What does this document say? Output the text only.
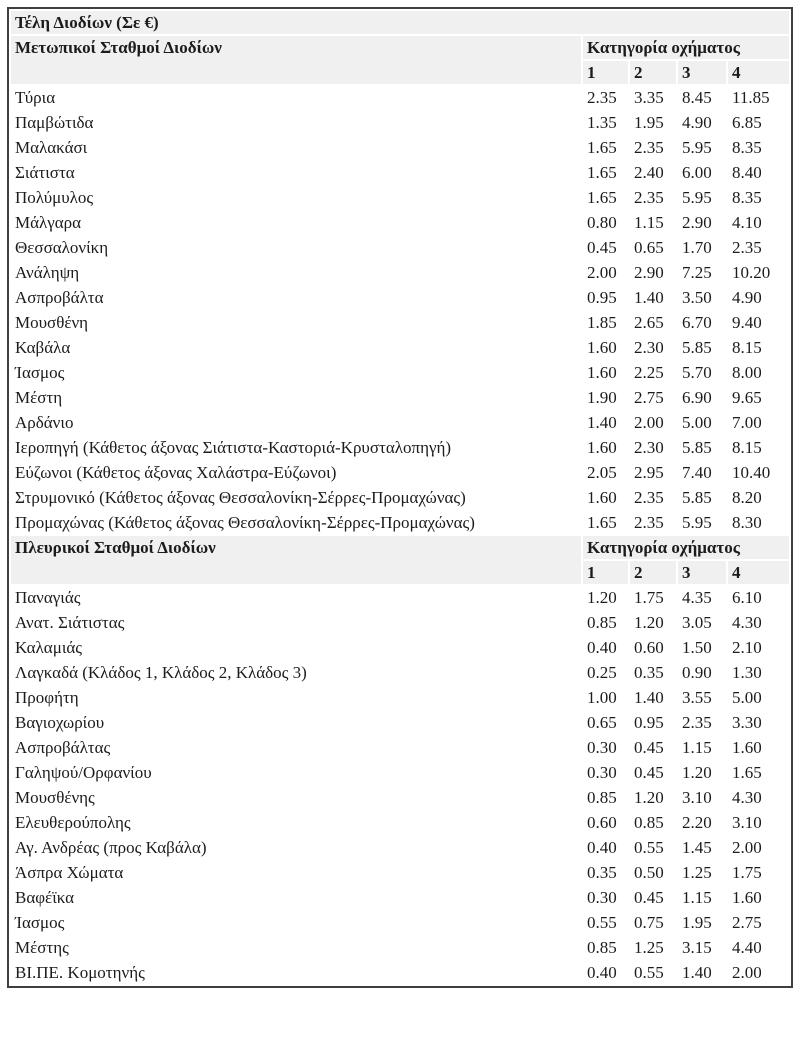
Τέλη Διοδίων (Σε €)				
Μετωπικοί Σταθμοί Διοδίων	Κατηγορία οχήματος			
	1	2	3	4
Τύρια	2.35	3.35	8.45	11.85
Παμβώτιδα	1.35	1.95	4.90	6.85
Μαλακάσι	1.65	2.35	5.95	8.35
Σιάτιστα	1.65	2.40	6.00	8.40
Πολύμυλος	1.65	2.35	5.95	8.35
Μάλγαρα	0.80	1.15	2.90	4.10
Θεσσαλονίκη	0.45	0.65	1.70	2.35
Ανάληψη	2.00	2.90	7.25	10.20
Ασπροβάλτα	0.95	1.40	3.50	4.90
Μουσθένη	1.85	2.65	6.70	9.40
Καβάλα	1.60	2.30	5.85	8.15
Ίασμος	1.60	2.25	5.70	8.00
Μέστη	1.90	2.75	6.90	9.65
Αρδάνιο	1.40	2.00	5.00	7.00
Ιεροπηγή (Κάθετος άξονας Σιάτιστα-Καστοριά-Κρυσταλοπηγή)	1.60	2.30	5.85	8.15
Εύζωνοι (Κάθετος άξονας Χαλάστρα-Εύζωνοι)	2.05	2.95	7.40	10.40
Στρυμονικό (Κάθετος άξονας Θεσσαλονίκη-Σέρρες-Προμαχώνας)	1.60	2.35	5.85	8.20
Προμαχώνας (Κάθετος άξονας Θεσσαλονίκη-Σέρρες-Προμαχώνας)	1.65	2.35	5.95	8.30
Πλευρικοί Σταθμοί Διοδίων	Κατηγορία οχήματος			
	1	2	3	4
Παναγιάς	1.20	1.75	4.35	6.10
Ανατ. Σιάτιστας	0.85	1.20	3.05	4.30
Καλαμιάς	0.40	0.60	1.50	2.10
Λαγκαδά (Κλάδος 1, Κλάδος 2, Κλάδος 3)	0.25	0.35	0.90	1.30
Προφήτη	1.00	1.40	3.55	5.00
Βαγιοχωρίου	0.65	0.95	2.35	3.30
Ασπροβάλτας	0.30	0.45	1.15	1.60
Γαληψού/Ορφανίου	0.30	0.45	1.20	1.65
Μουσθένης	0.85	1.20	3.10	4.30
Ελευθερούπολης	0.60	0.85	2.20	3.10
Αγ. Ανδρέας (προς Καβάλα)	0.40	0.55	1.45	2.00
Άσπρα Χώματα	0.35	0.50	1.25	1.75
Βαφέϊκα	0.30	0.45	1.15	1.60
Ίασμος	0.55	0.75	1.95	2.75
Μέστης	0.85	1.25	3.15	4.40
ΒΙ.ΠΕ. Κομοτηνής	0.40	0.55	1.40	2.00
